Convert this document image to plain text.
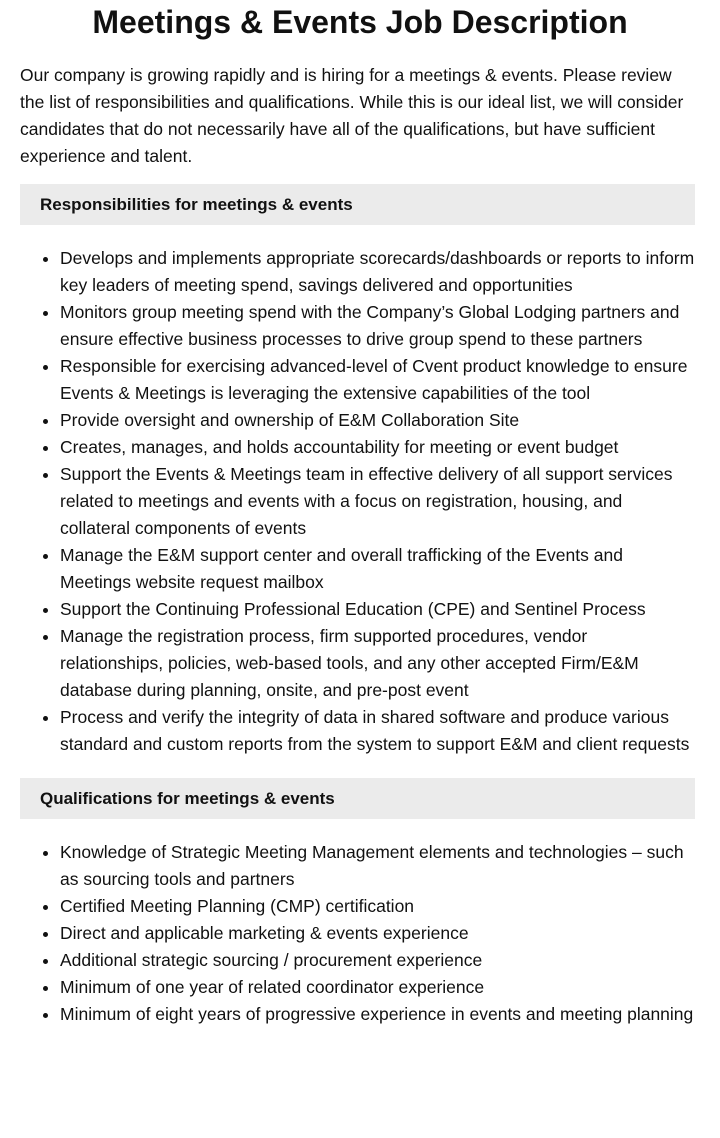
Meetings & Events Job Description

Our company is growing rapidly and is hiring for a meetings & events. Please review the list of responsibilities and qualifications. While this is our ideal list, we will consider candidates that do not necessarily have all of the qualifications, but have sufficient experience and talent.

Responsibilities for meetings & events
• Develops and implements appropriate scorecards/dashboards or reports to inform key leaders of meeting spend, savings delivered and opportunities
• Monitors group meeting spend with the Company’s Global Lodging partners and ensure effective business processes to drive group spend to these partners
• Responsible for exercising advanced-level of Cvent product knowledge to ensure Events & Meetings is leveraging the extensive capabilities of the tool
• Provide oversight and ownership of E&M Collaboration Site
• Creates, manages, and holds accountability for meeting or event budget
• Support the Events & Meetings team in effective delivery of all support services related to meetings and events with a focus on registration, housing, and collateral components of events
• Manage the E&M support center and overall trafficking of the Events and Meetings website request mailbox
• Support the Continuing Professional Education (CPE) and Sentinel Process
• Manage the registration process, firm supported procedures, vendor relationships, policies, web-based tools, and any other accepted Firm/E&M database during planning, onsite, and pre-post event
• Process and verify the integrity of data in shared software and produce various standard and custom reports from the system to support E&M and client requests
Qualifications for meetings & events
• Knowledge of Strategic Meeting Management elements and technologies – such as sourcing tools and partners
• Certified Meeting Planning (CMP) certification
• Direct and applicable marketing & events experience
• Additional strategic sourcing / procurement experience
• Minimum of one year of related coordinator experience
• Minimum of eight years of progressive experience in events and meeting planning
